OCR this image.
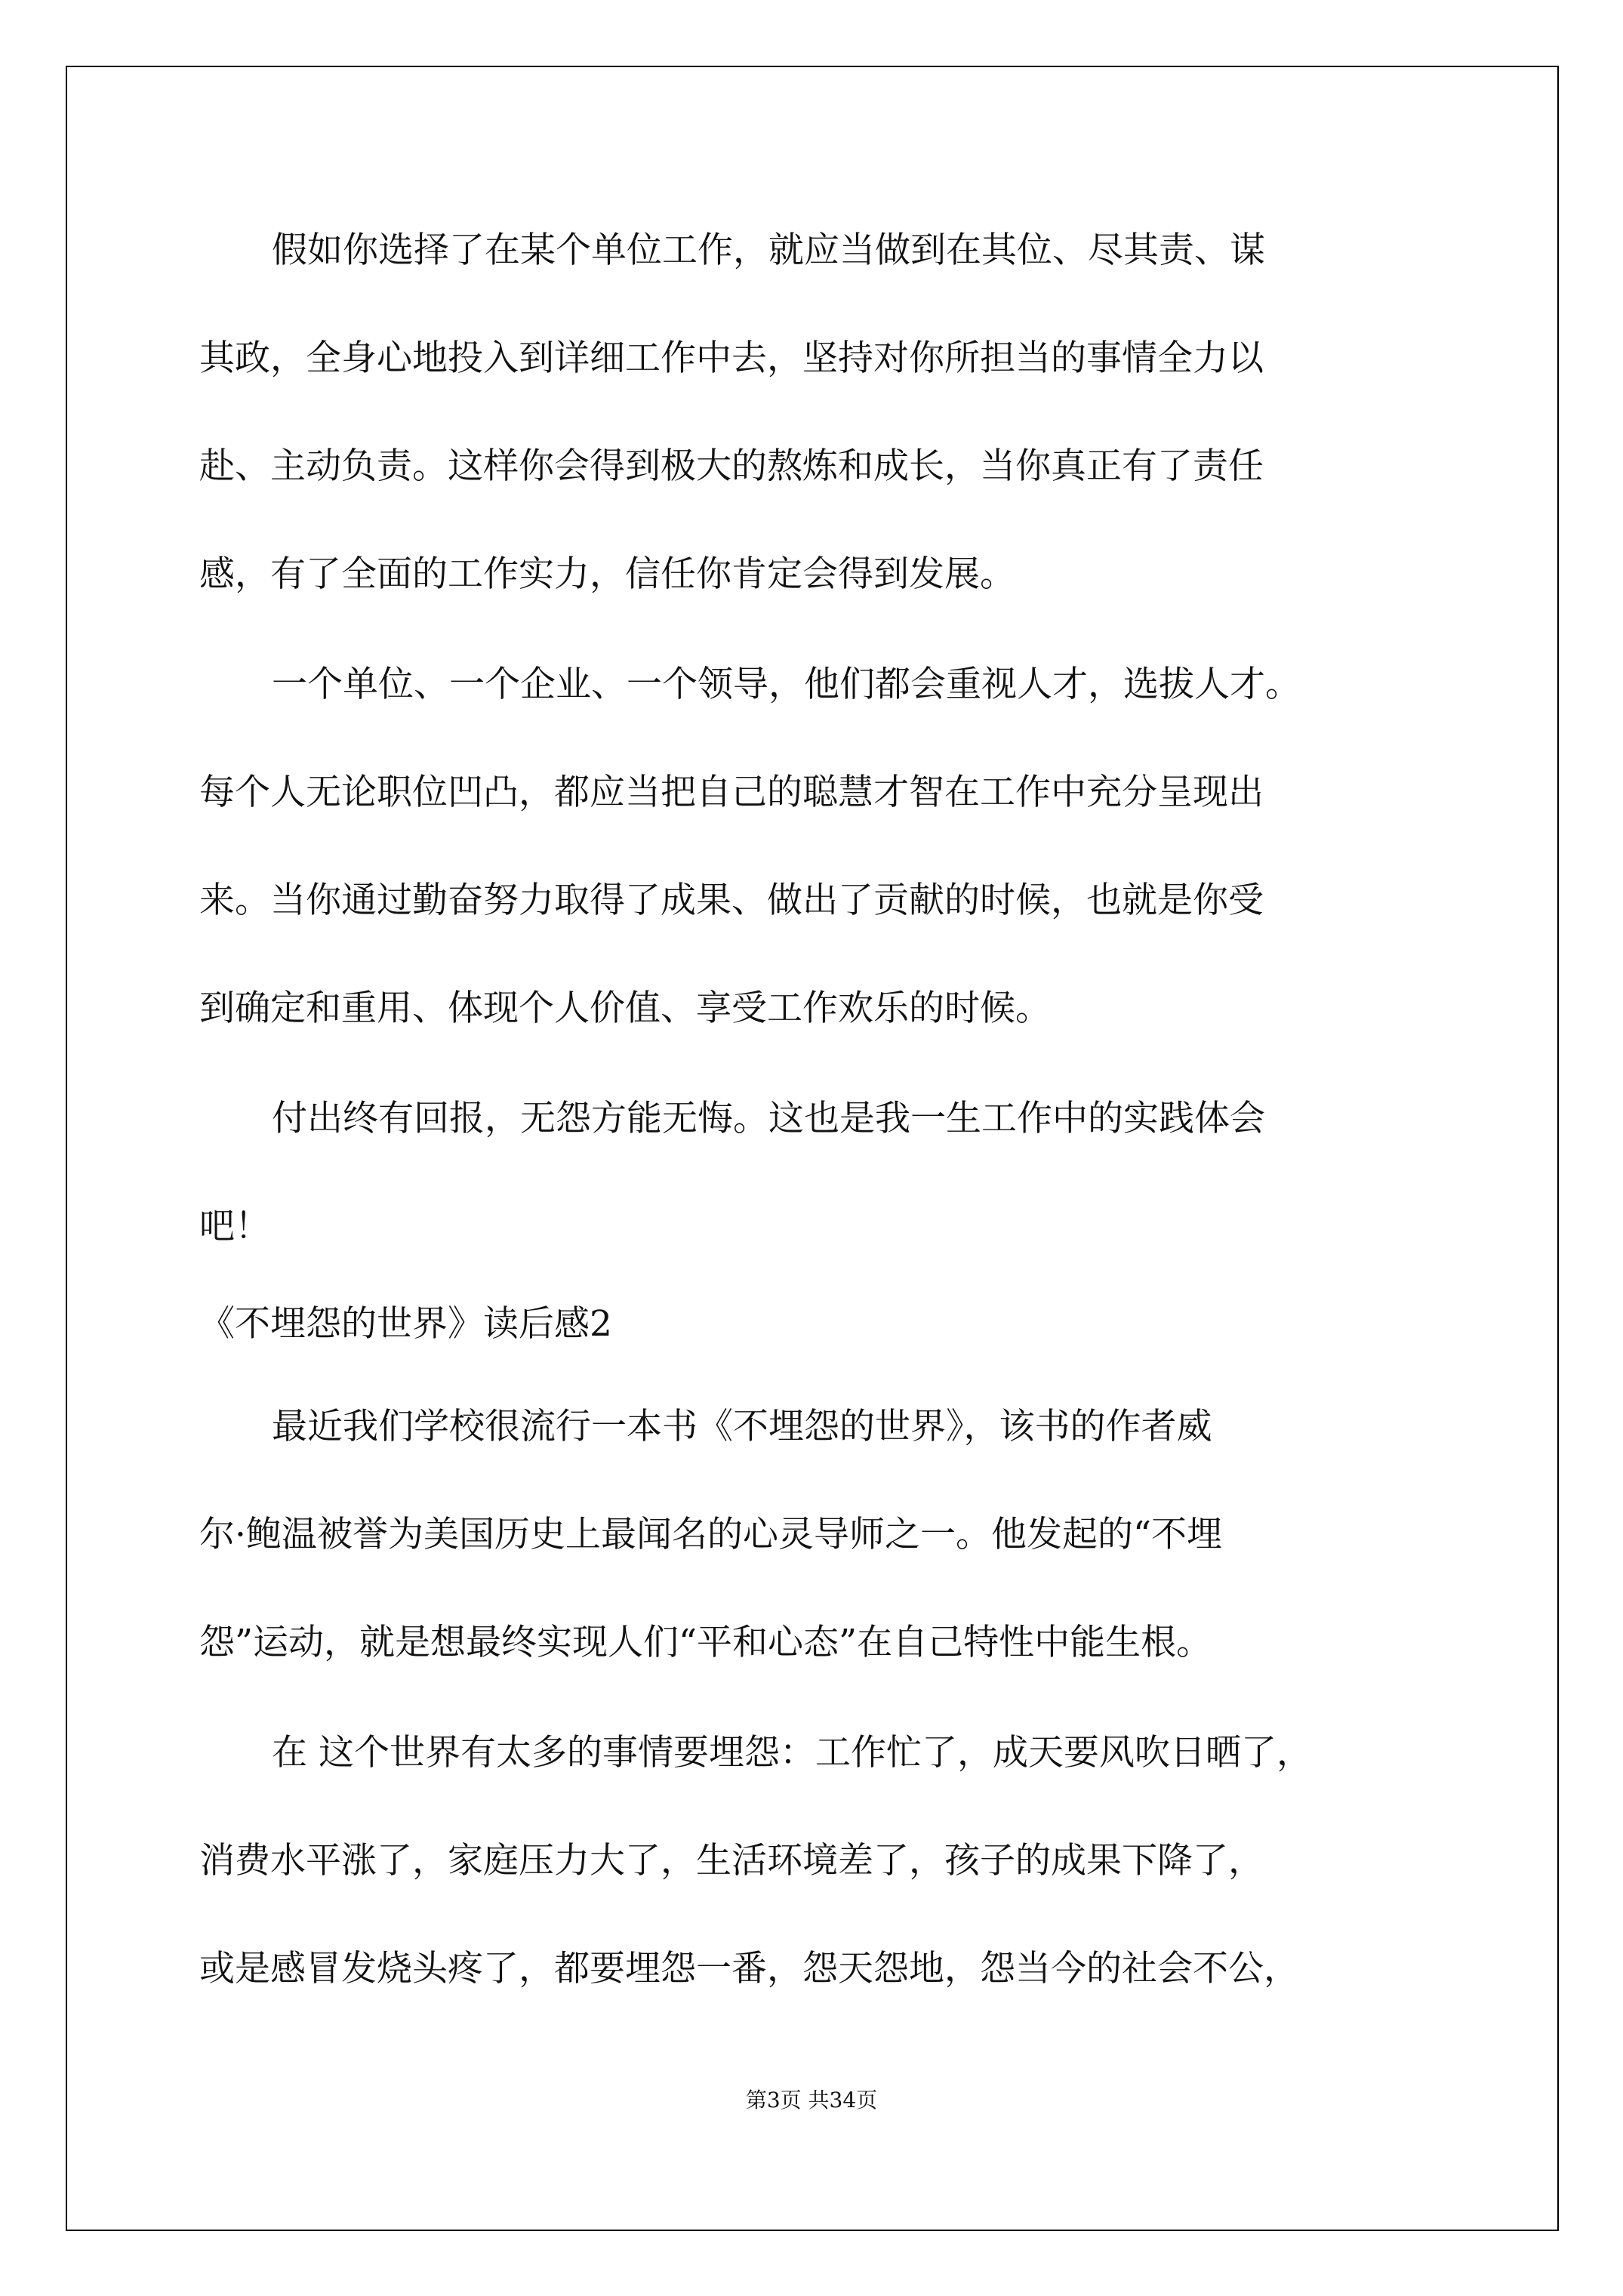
假如你选择了在某个单位工作，就应当做到在其位、尽其责、谋

其政，全身心地投入到详细工作中去，坚持对你所担当的事情全力以

赴、主动负责。这样你会得到极大的熬炼和成长，当你真正有了责任

感，有了全面的工作实力，信任你肯定会得到发展。

一个单位、一个企业、一个领导，他们都会重视人才，选拔人才。

每个人无论职位凹凸，都应当把自己的聪慧才智在工作中充分呈现出

来。当你通过勤奋努力取得了成果、做出了贡献的时候，也就是你受

到确定和重用、体现个人价值、享受工作欢乐的时候。

付出终有回报，无怨方能无悔。这也是我一生工作中的实践体会

吧！

《不埋怨的世界》读后感2

最近我们学校很流行一本书《不埋怨的世界》，该书的作者威

尔·鲍温被誉为美国历史上最闻名的心灵导师之一。他发起的“不埋

怨”运动，就是想最终实现人们“平和心态”在自己特性中能生根。

在 这个世界有太多的事情要埋怨：工作忙了，成天要风吹日晒了，

消费水平涨了，家庭压力大了，生活环境差了，孩子的成果下降了，

或是感冒发烧头疼了，都要埋怨一番，怨天怨地，怨当今的社会不公，

第3页 共34页
